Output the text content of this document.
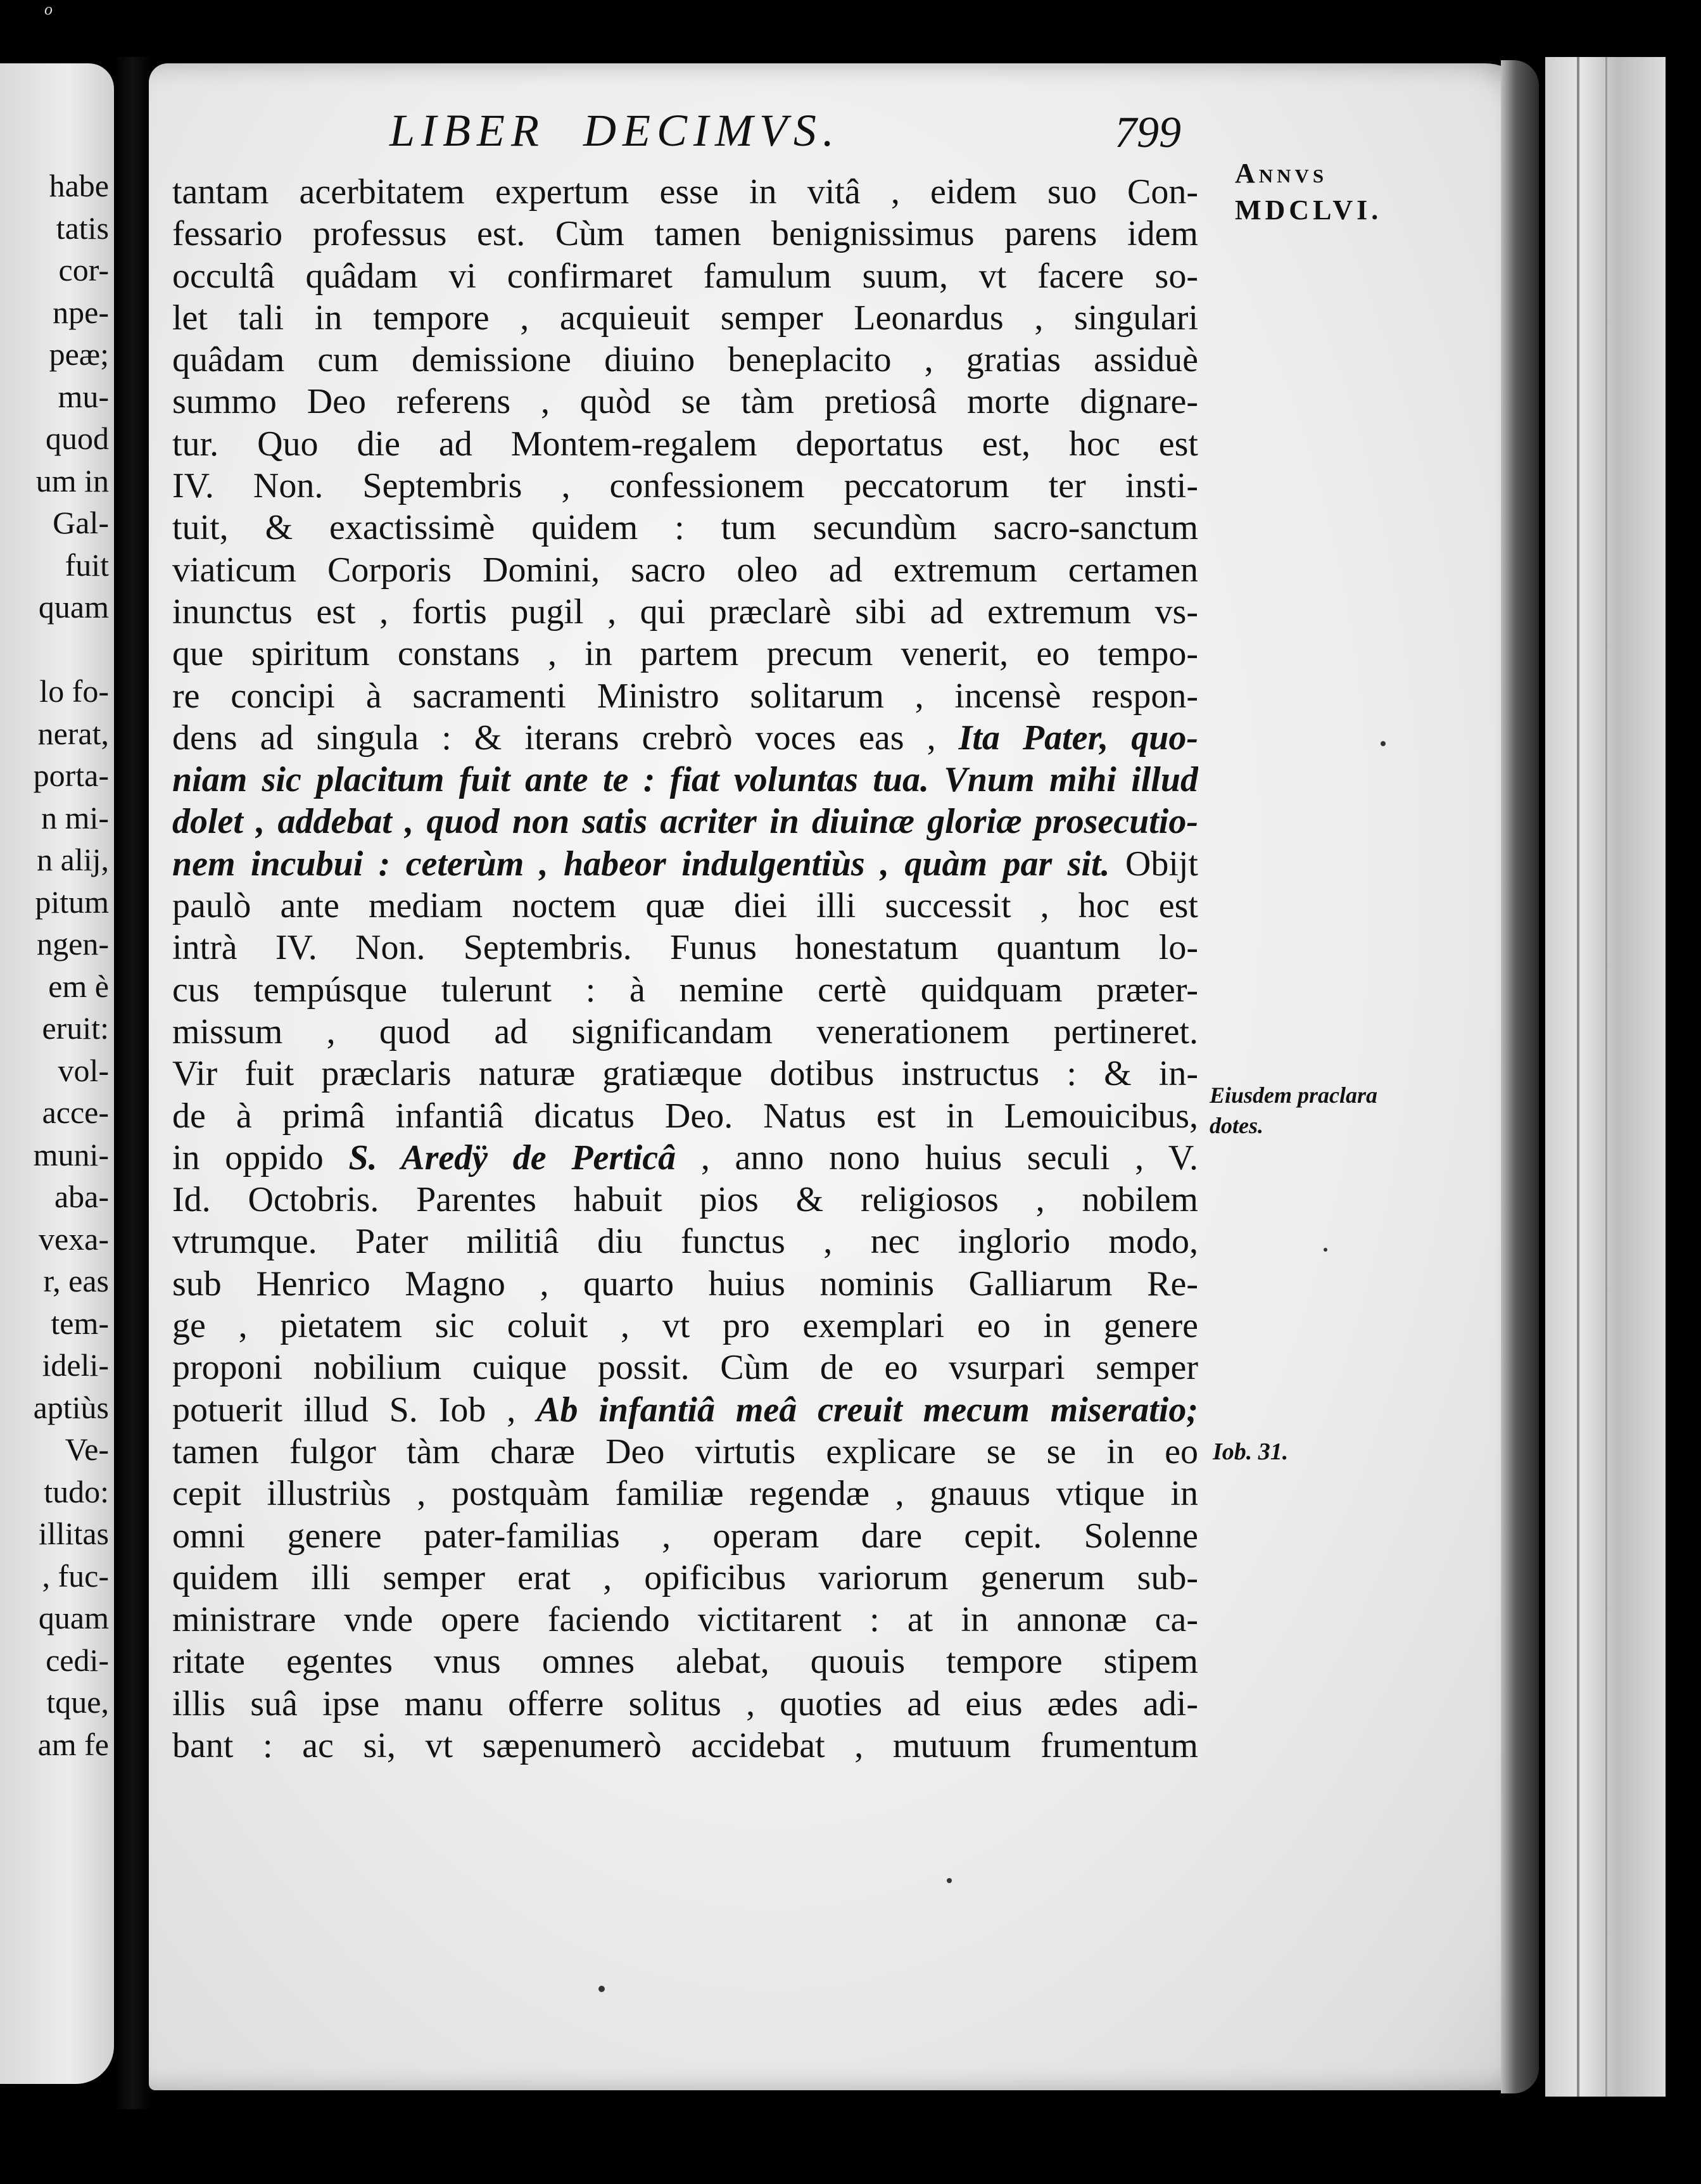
o
habe
tatis
cor-
npe-
peæ;
mu-
quod
um in
Gal-
fuit
quam
lo fo-
nerat,
porta-
n mi-
n alij,
pitum
ngen-
em è
eruit:
vol-
acce-
muni-
aba-
vexa-
r, eas
tem-
ideli-
aptiùs
Ve-
tudo:
illitas
, fuc-
quam
cedi-
tque,
am fe
LIBER DECIMVS.	799
tantam acerbitatem expertum esse in vitâ , eidem suo Con-
fessario professus est. Cùm tamen benignissimus parens idem
occultâ quâdam vi confirmaret famulum suum, vt facere so-
let tali in tempore , acquieuit semper Leonardus , singulari
quâdam cum demissione diuino beneplacito , gratias assiduè
summo Deo referens , quòd se tàm pretiosâ morte dignare-
tur. Quo die ad Montem-regalem deportatus est, hoc est
IV. Non. Septembris , confessionem peccatorum ter insti-
tuit, & exactissimè quidem : tum secundùm sacro-sanctum
viaticum Corporis Domini, sacro oleo ad extremum certamen
inunctus est , fortis pugil , qui præclarè sibi ad extremum vs-
que spiritum constans , in partem precum venerit, eo tempo-
re concipi à sacramenti Ministro solitarum , incensè respon-
dens ad singula : & iterans crebrò voces eas , Ita Pater, quo-
niam sic placitum fuit ante te : fiat voluntas tua. Vnum mihi illud
dolet , addebat , quod non satis acriter in diuinæ gloriæ prosecutio-
nem incubui : ceterùm , habeor indulgentiùs , quàm par sit. Obijt
paulò ante mediam noctem quæ diei illi successit , hoc est
intrà IV. Non. Septembris. Funus honestatum quantum lo-
cus tempúsque tulerunt : à nemine certè quidquam præter-
missum , quod ad significandam venerationem pertineret.
Vir fuit præclaris naturæ gratiæque dotibus instructus : & in-
de à primâ infantiâ dicatus Deo. Natus est in Lemouicibus,
in oppido S. Aredÿ de Perticâ , anno nono huius seculi , V.
Id. Octobris. Parentes habuit pios & religiosos , nobilem
vtrumque. Pater militiâ diu functus , nec inglorio modo,
sub Henrico Magno , quarto huius nominis Galliarum Re-
ge , pietatem sic coluit , vt pro exemplari eo in genere
proponi nobilium cuique possit. Cùm de eo vsurpari semper
potuerit illud S. Iob , Ab infantiâ meâ creuit mecum miseratio;
tamen fulgor tàm charæ Deo virtutis explicare se se in eo
cepit illustriùs , postquàm familiæ regendæ , gnauus vtique in
omni genere pater-familias , operam dare cepit. Solenne
quidem illi semper erat , opificibus variorum generum sub-
ministrare vnde opere faciendo victitarent : at in annonæ ca-
ritate egentes vnus omnes alebat, quouis tempore stipem
illis suâ ipse manu offerre solitus , quoties ad eius ædes adi-
bant : ac si, vt sæpenumerò accidebat , mutuum frumentum
Annvs
MDCLVI.
Eiusdem praclara
dotes.
Iob. 31.
